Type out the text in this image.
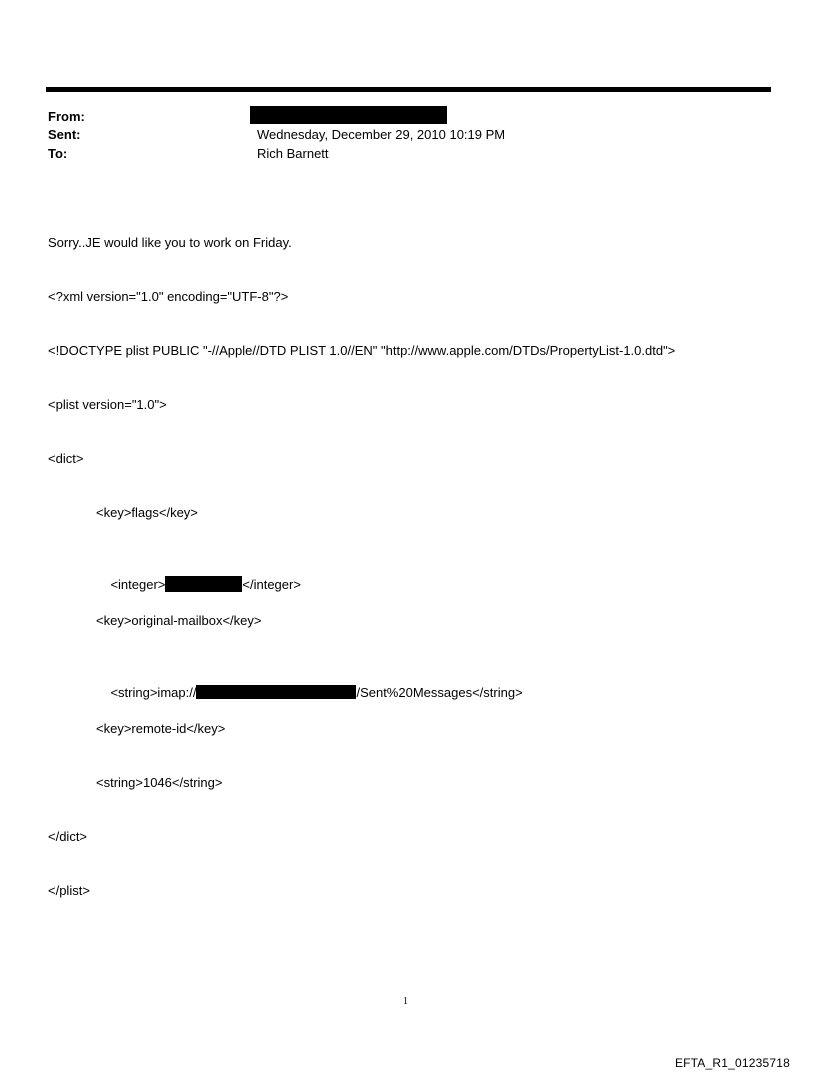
From:
Sent:	Wednesday, December 29, 2010 10:19 PM
To:	Rich Barnett

Sorry..JE would like you to work on Friday.

<?xml version="1.0" encoding="UTF-8"?>

<!DOCTYPE plist PUBLIC "-//Apple//DTD PLIST 1.0//EN" "http://www.apple.com/DTDs/PropertyList-1.0.dtd">

<plist version="1.0">

<dict>

<key>flags</key>

<integer>	</integer>

<key>original-mailbox</key>

<string>imap://	/Sent%20Messages</string>

<key>remote-id</key>

<string>1046</string>

</dict>

</plist>

1
EFTA_R1_01235718
